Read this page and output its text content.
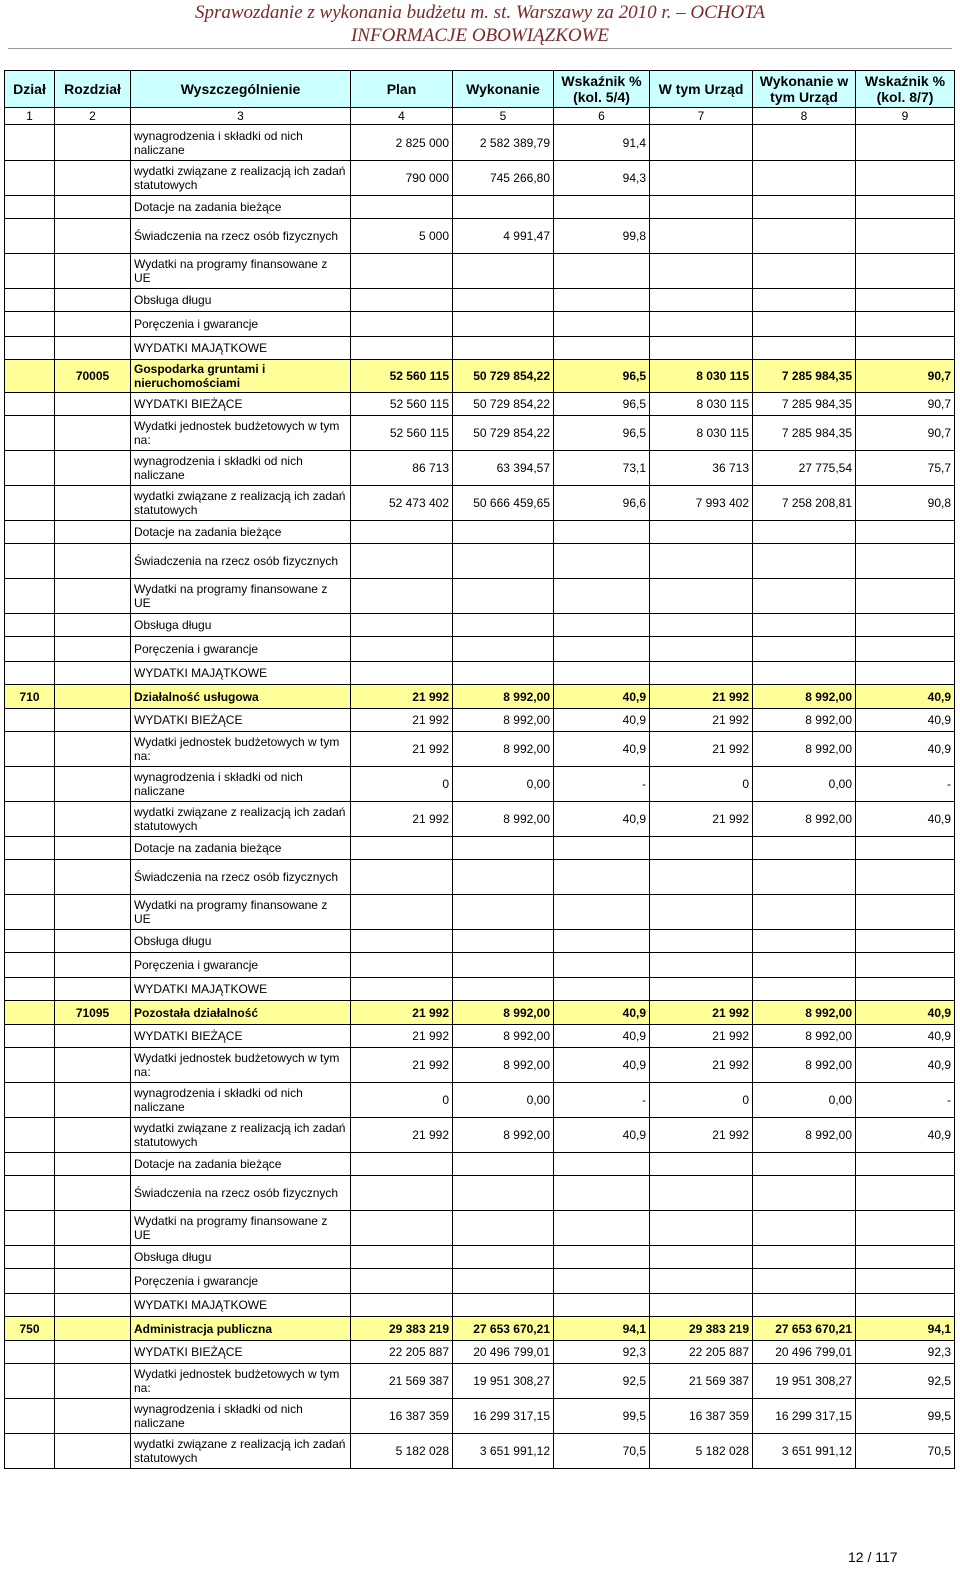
Sprawozdanie z wykonania budżetu m. st. Warszawy za 2010 r. – OCHOTA
INFORMACJE OBOWIĄZKOWE
Dział	Rozdział	Wyszczególnienie	Plan	Wykonanie	Wskaźnik % (kol. 5/4)	W tym Urząd	Wykonanie w tym Urząd	Wskaźnik % (kol. 8/7)
1	2	3	4	5	6	7	8	9
		wynagrodzenia i składki od nich naliczane	2 825 000	2 582 389,79	91,4			
		wydatki związane z realizacją ich zadań statutowych	790 000	745 266,80	94,3			
		Dotacje na zadania bieżące						
		Świadczenia na rzecz osób fizycznych	5 000	4 991,47	99,8			
		Wydatki na programy finansowane z UE						
		Obsługa długu						
		Poręczenia i gwarancje						
		WYDATKI MAJĄTKOWE						
	70005	Gospodarka gruntami i nieruchomościami	52 560 115	50 729 854,22	96,5	8 030 115	7 285 984,35	90,7
		WYDATKI BIEŻĄCE	52 560 115	50 729 854,22	96,5	8 030 115	7 285 984,35	90,7
		Wydatki jednostek budżetowych w tym na:	52 560 115	50 729 854,22	96,5	8 030 115	7 285 984,35	90,7
		wynagrodzenia i składki od nich naliczane	86 713	63 394,57	73,1	36 713	27 775,54	75,7
		wydatki związane z realizacją ich zadań statutowych	52 473 402	50 666 459,65	96,6	7 993 402	7 258 208,81	90,8
		Dotacje na zadania bieżące						
		Świadczenia na rzecz osób fizycznych						
		Wydatki na programy finansowane z UE						
		Obsługa długu						
		Poręczenia i gwarancje						
		WYDATKI MAJĄTKOWE						
710		Działalność usługowa	21 992	8 992,00	40,9	21 992	8 992,00	40,9
		WYDATKI BIEŻĄCE	21 992	8 992,00	40,9	21 992	8 992,00	40,9
		Wydatki jednostek budżetowych w tym na:	21 992	8 992,00	40,9	21 992	8 992,00	40,9
		wynagrodzenia i składki od nich naliczane	0	0,00	-	0	0,00	-
		wydatki związane z realizacją ich zadań statutowych	21 992	8 992,00	40,9	21 992	8 992,00	40,9
		Dotacje na zadania bieżące						
		Świadczenia na rzecz osób fizycznych						
		Wydatki na programy finansowane z UE						
		Obsługa długu						
		Poręczenia i gwarancje						
		WYDATKI MAJĄTKOWE						
	71095	Pozostała działalność	21 992	8 992,00	40,9	21 992	8 992,00	40,9
		WYDATKI BIEŻĄCE	21 992	8 992,00	40,9	21 992	8 992,00	40,9
		Wydatki jednostek budżetowych w tym na:	21 992	8 992,00	40,9	21 992	8 992,00	40,9
		wynagrodzenia i składki od nich naliczane	0	0,00	-	0	0,00	-
		wydatki związane z realizacją ich zadań statutowych	21 992	8 992,00	40,9	21 992	8 992,00	40,9
		Dotacje na zadania bieżące						
		Świadczenia na rzecz osób fizycznych						
		Wydatki na programy finansowane z UE						
		Obsługa długu						
		Poręczenia i gwarancje						
		WYDATKI MAJĄTKOWE						
750		Administracja publiczna	29 383 219	27 653 670,21	94,1	29 383 219	27 653 670,21	94,1
		WYDATKI BIEŻĄCE	22 205 887	20 496 799,01	92,3	22 205 887	20 496 799,01	92,3
		Wydatki jednostek budżetowych w tym na:	21 569 387	19 951 308,27	92,5	21 569 387	19 951 308,27	92,5
		wynagrodzenia i składki od nich naliczane	16 387 359	16 299 317,15	99,5	16 387 359	16 299 317,15	99,5
		wydatki związane z realizacją ich zadań statutowych	5 182 028	3 651 991,12	70,5	5 182 028	3 651 991,12	70,5
12 / 117
